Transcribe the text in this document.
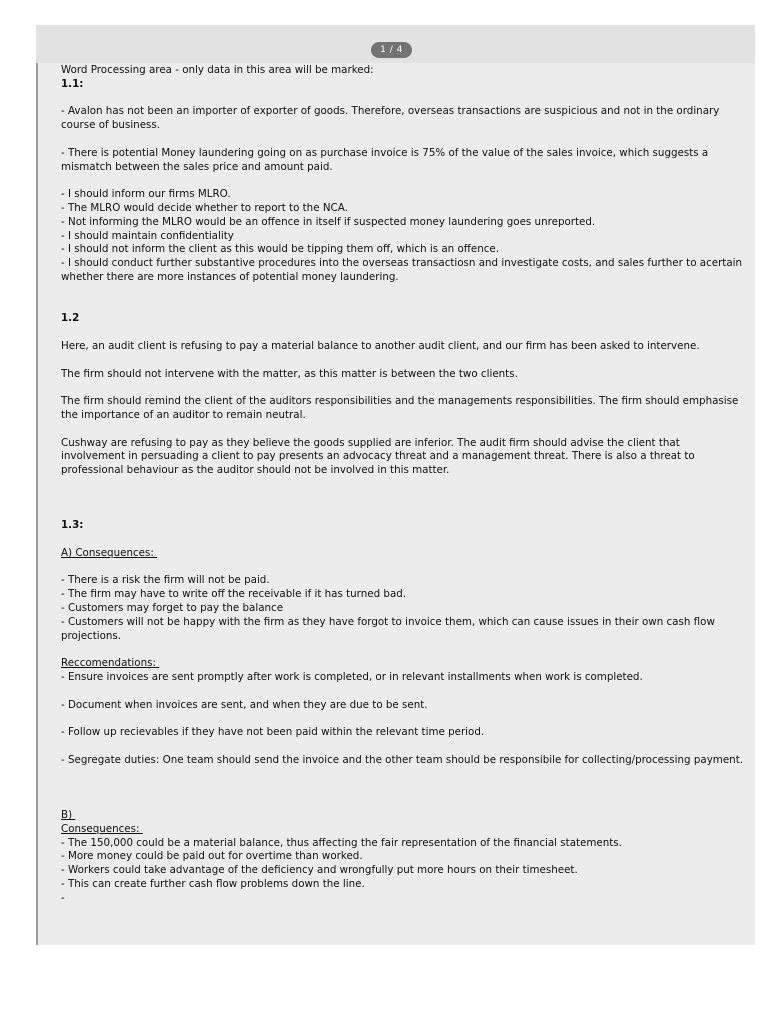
1 / 4

Word Processing area - only data in this area will be marked:

1.1:

- Avalon has not been an importer of exporter of goods. Therefore, overseas transactions are suspicious and not in the ordinary course of business.

- There is potential Money laundering going on as purchase invoice is 75% of the value of the sales invoice, which suggests a mismatch between the sales price and amount paid.

- I should inform our firms MLRO.

- The MLRO would decide whether to report to the NCA.

- Not informing the MLRO would be an offence in itself if suspected money laundering goes unreported.

- I should maintain confidentiality

- I should not inform the client as this would be tipping them off, which is an offence.

- I should conduct further substantive procedures into the overseas transactiosn and investigate costs, and sales further to acertain whether there are more instances of potential money laundering.

1.2

Here, an audit client is refusing to pay a material balance to another audit client, and our firm has been asked to intervene.

The firm should not intervene with the matter, as this matter is between the two clients.

The firm should remind the client of the auditors responsibilities and the managements responsibilities. The firm should emphasise the importance of an auditor to remain neutral.

Cushway are refusing to pay as they believe the goods supplied are inferior. The audit firm should advise the client that involvement in persuading a client to pay presents an advocacy threat and a management threat. There is also a threat to professional behaviour as the auditor should not be involved in this matter.

1.3:

A) Consequences:

- There is a risk the firm will not be paid.

- The firm may have to write off the receivable if it has turned bad.

- Customers may forget to pay the balance

- Customers will not be happy with the firm as they have forgot to invoice them, which can cause issues in their own cash flow projections.

Reccomendations:

- Ensure invoices are sent promptly after work is completed, or in relevant installments when work is completed.

- Document when invoices are sent, and when they are due to be sent.

- Follow up recievables if they have not been paid within the relevant time period.

- Segregate duties: One team should send the invoice and the other team should be responsibile for collecting/processing payment.

B)

Consequences:

- The 150,000 could be a material balance, thus affecting the fair representation of the financial statements.

- More money could be paid out for overtime than worked.

- Workers could take advantage of the deficiency and wrongfully put more hours on their timesheet.

- This can create further cash flow problems down the line.

-
